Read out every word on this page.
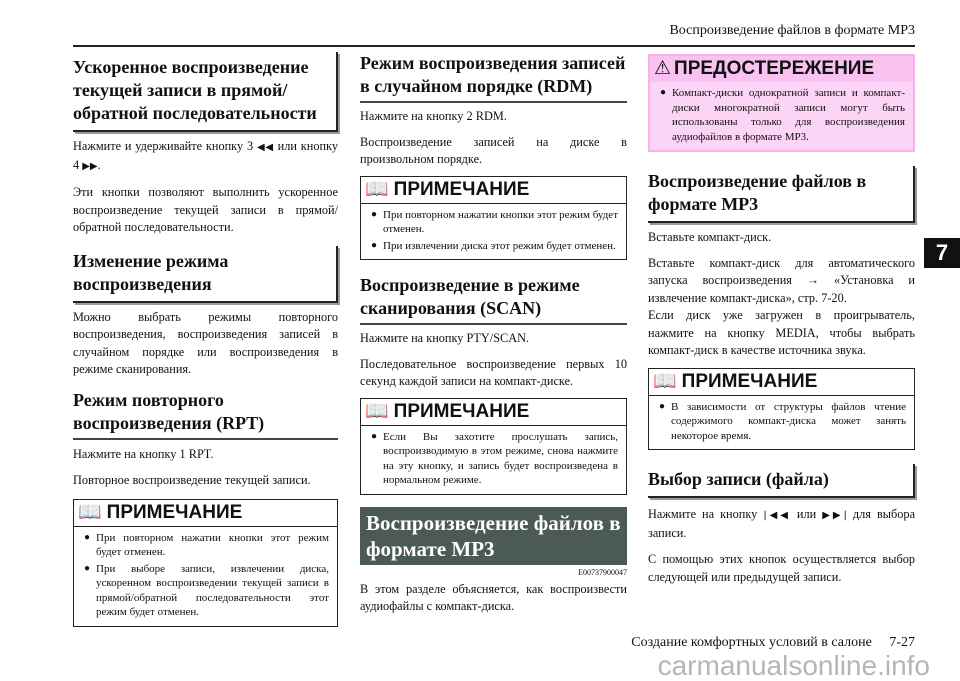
Воспроизведение файлов в формате MP3
7
Ускоренное воспроизведение текущей записи в прямой/ обратной последовательности
Нажмите и удерживайте кнопку 3 ◀◀ или кнопку 4 ▶▶.
Эти кнопки позволяют выполнить ускоренное воспроизведение текущей записи в прямой/ обратной последовательности.
Изменение режима воспроизведения
Можно выбрать режимы повторного воспроизведения, воспроизведения записей в случайном порядке или воспроизведения в режиме сканирования.
Режим повторного воспроизведения (RPT)
Нажмите на кнопку 1 RPT.
Повторное воспроизведение текущей записи.
📖 ПРИМЕЧАНИЕ
● При повторном нажатии кнопки этот режим будет отменен.
● При выборе записи, извлечении диска, ускоренном воспроизведении текущей записи в прямой/обратной последовательности этот режим будет отменен.
Режим воспроизведения записей в случайном порядке (RDM)
Нажмите на кнопку 2 RDM.
Воспроизведение записей на диске в произвольном порядке.
📖 ПРИМЕЧАНИЕ
● При повторном нажатии кнопки этот режим будет отменен.
● При извлечении диска этот режим будет отменен.
Воспроизведение в режиме сканирования (SCAN)
Нажмите на кнопку PTY/SCAN.
Последовательное воспроизведение первых 10 секунд каждой записи на компакт-диске.
📖 ПРИМЕЧАНИЕ
● Если Вы захотите прослушать запись, воспроизводимую в этом режиме, снова нажмите на эту кнопку, и запись будет воспроизведена в нормальном режиме.
Воспроизведение файлов в формате MP3
E00737900047
В этом разделе объясняется, как воспроизвести аудиофайлы с компакт-диска.
⚠ ПРЕДОСТЕРЕЖЕНИЕ
● Компакт-диски однократной записи и компакт-диски многократной записи могут быть использованы только для воспроизведения аудиофайлов в формате MP3.
Воспроизведение файлов в формате MP3
Вставьте компакт-диск.
Вставьте компакт-диск для автоматического запуска воспроизведения → «Установка и извлечение компакт-диска», стр. 7-20.
Если диск уже загружен в проигрыватель, нажмите на кнопку MEDIA, чтобы выбрать компакт-диск в качестве источника звука.
📖 ПРИМЕЧАНИЕ
● В зависимости от структуры файлов чтение содержимого компакт-диска может занять некоторое время.
Выбор записи (файла)
Нажмите на кнопку |◀◀ или ▶▶| для выбора записи.
С помощью этих кнопок осуществляется выбор следующей или предыдущей записи.
Создание комфортных условий в салоне 7-27
carmanualsonline.info
